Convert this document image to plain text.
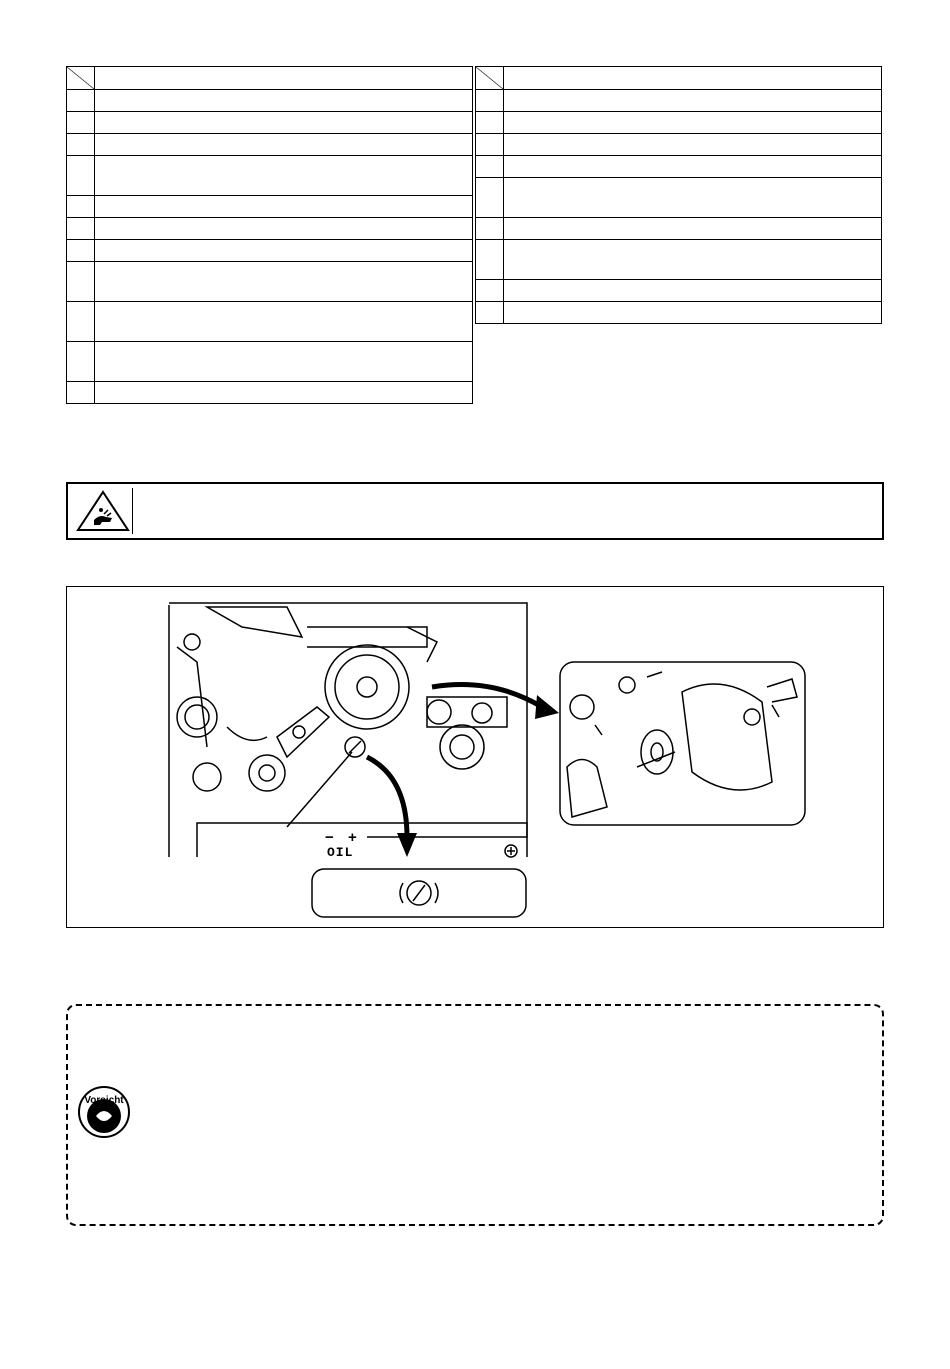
− +
OIL
Vorsicht
